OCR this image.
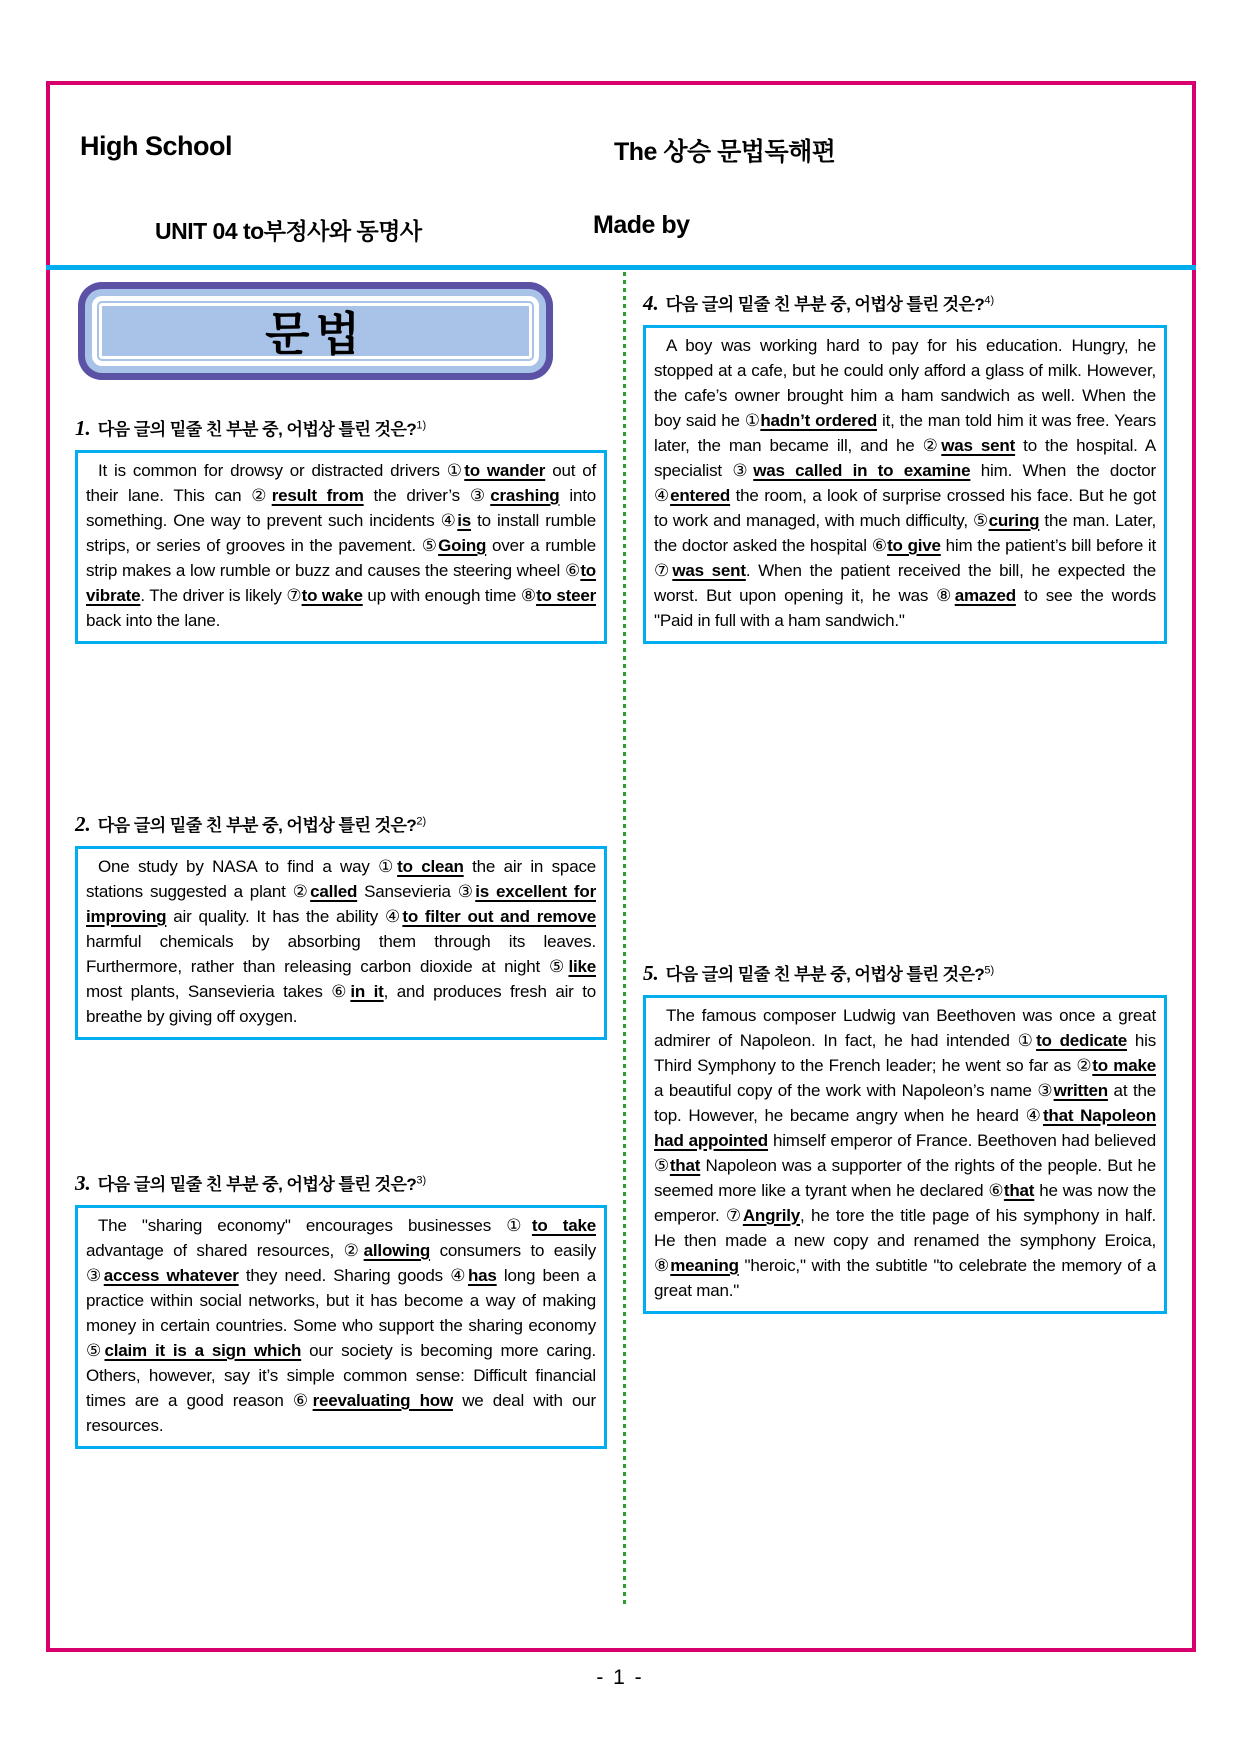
High School	The 상승 문법독해편
UNIT 04 to부정사와 동명사	Made by
문법
1. 다음 글의 밑줄 친 부분 중, 어법상 틀린 것은?$^{1)}$

It is common for drowsy or distracted drivers ①to wander out of their lane. This can ②result from the driver’s ③crashing into something. One way to prevent such incidents ④is to install rumble strips, or series of grooves in the pavement. ⑤Going over a rumble strip makes a low rumble or buzz and causes the steering wheel ⑥to vibrate. The driver is likely ⑦to wake up with enough time ⑧to steer back into the lane.

2. 다음 글의 밑줄 친 부분 중, 어법상 틀린 것은?$^{2)}$

One study by NASA to find a way ①to clean the air in space stations suggested a plant ②called Sansevieria ③is excellent for improving air quality. It has the ability ④to filter out and remove harmful chemicals by absorbing them through its leaves. Furthermore, rather than releasing carbon dioxide at night ⑤like most plants, Sansevieria takes ⑥in it, and produces fresh air to breathe by giving off oxygen.

3. 다음 글의 밑줄 친 부분 중, 어법상 틀린 것은?$^{3)}$

The "sharing economy" encourages businesses ①to take advantage of shared resources, ②allowing consumers to easily ③access whatever they need. Sharing goods ④has long been a practice within social networks, but it has become a way of making money in certain countries. Some who support the sharing economy ⑤claim it is a sign which our society is becoming more caring. Others, however, say it’s simple common sense: Difficult financial times are a good reason ⑥reevaluating how we deal with our resources.

4. 다음 글의 밑줄 친 부분 중, 어법상 틀린 것은?$^{4)}$

A boy was working hard to pay for his education. Hungry, he stopped at a cafe, but he could only afford a glass of milk. However, the cafe’s owner brought him a ham sandwich as well. When the boy said he ①hadn’t ordered it, the man told him it was free. Years later, the man became ill, and he ②was sent to the hospital. A specialist ③was called in to examine him. When the doctor ④entered the room, a look of surprise crossed his face. But he got to work and managed, with much difficulty, ⑤curing the man. Later, the doctor asked the hospital ⑥to give him the patient’s bill before it ⑦was sent. When the patient received the bill, he expected the worst. But upon opening it, he was ⑧amazed to see the words "Paid in full with a ham sandwich."

5. 다음 글의 밑줄 친 부분 중, 어법상 틀린 것은?$^{5)}$

The famous composer Ludwig van Beethoven was once a great admirer of Napoleon. In fact, he had intended ①to dedicate his Third Symphony to the French leader; he went so far as ②to make a beautiful copy of the work with Napoleon’s name ③written at the top. However, he became angry when he heard ④that Napoleon had appointed himself emperor of France. Beethoven had believed ⑤that Napoleon was a supporter of the rights of the people. But he seemed more like a tyrant when he declared ⑥that he was now the emperor. ⑦Angrily, he tore the title page of his symphony in half. He then made a new copy and renamed the symphony Eroica, ⑧meaning "heroic," with the subtitle "to celebrate the memory of a great man."

- 1 -
